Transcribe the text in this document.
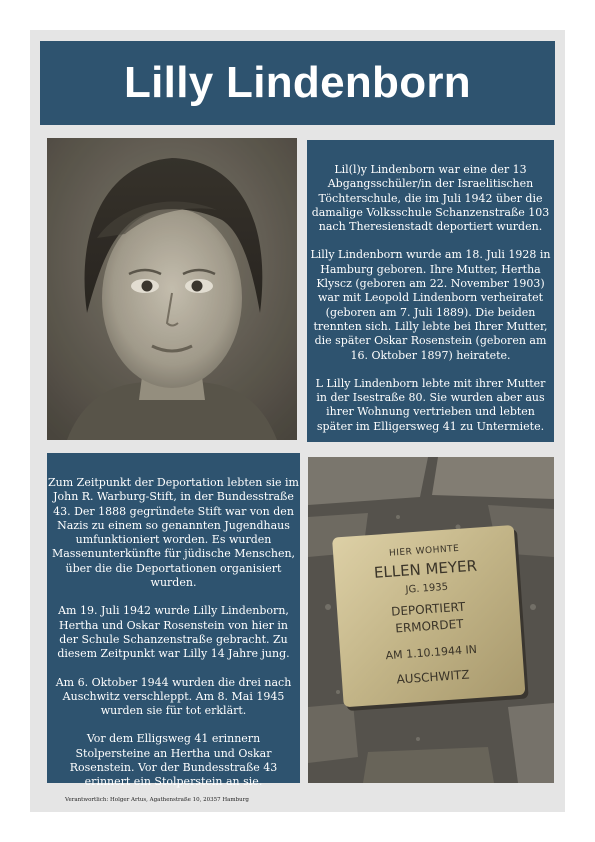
Lilly Lindenborn

Lil(l)y Lindenborn war eine der 13 Abgangsschüler/in der Israelitischen Töchterschule, die im Juli 1942 über die damalige Volksschule Schanzenstraße 103 nach Theresienstadt deportiert wurden.

Lilly Lindenborn wurde am 18. Juli 1928 in Hamburg geboren. Ihre Mutter, Hertha Klyscz (geboren am 22. November 1903) war mit Leopold Lindenborn verheiratet (geboren am 7. Juli 1889). Die beiden trennten sich. Lilly lebte bei Ihrer Mutter, die später Oskar Rosenstein (geboren am 16. Oktober 1897) heiratete.

L Lilly Lindenborn lebte mit ihrer Mutter in der Isestraße 80. Sie wurden aber aus ihrer Wohnung vertrieben und lebten später im Elligersweg 41 zu Untermiete.

Zum Zeitpunkt der Deportation lebten sie im John R. Warburg-Stift, in der Bundesstraße 43. Der 1888 gegründete Stift war von den Nazis zu einem so genannten Jugendhaus umfunktioniert worden. Es wurden Massenunterkünfte für jüdische Menschen, über die die Deportationen organisiert wurden.

Am 19. Juli 1942 wurde Lilly Lindenborn, Hertha und Oskar Rosenstein von hier in der Schule Schanzenstraße gebracht. Zu diesem Zeitpunkt war Lilly 14 Jahre jung.

Am 6. Oktober 1944 wurden die drei nach Auschwitz verschleppt. Am 8. Mai 1945 wurden sie für tot erklärt.

Vor dem Elligsweg 41 erinnern Stolpersteine an Hertha und Oskar Rosenstein. Vor der Bundesstraße 43 erinnert ein Stolperstein an sie.

HIER WOHNTE
ELLEN MEYER
JG. 1935
DEPORTIERT
ERMORDET
AM 1.10.1944 IN
AUSCHWITZ
Verantwortlich: Holger Artus, Agathenstraße 10, 20357 Hamburg
